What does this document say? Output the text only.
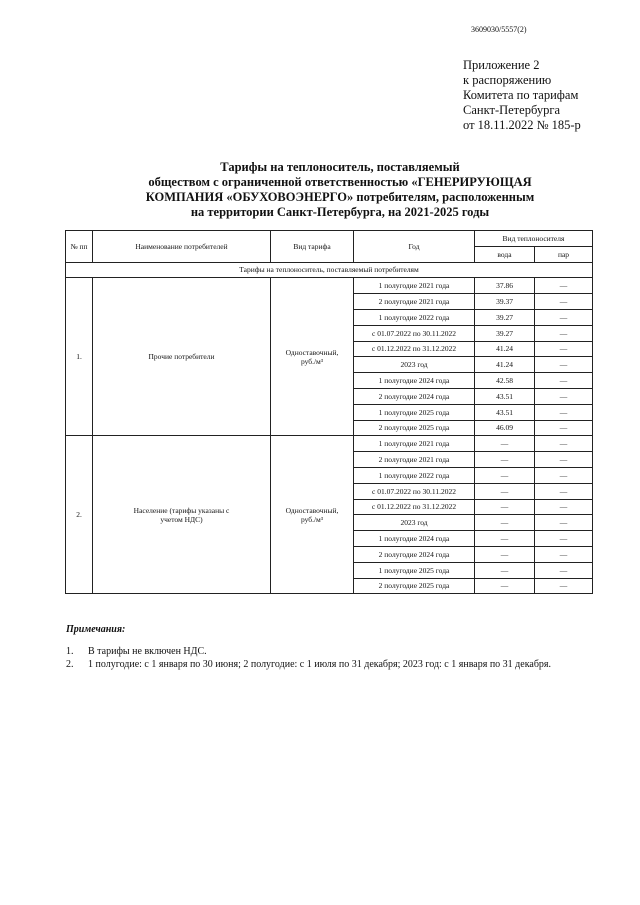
3609030/5557(2)
Приложение 2
к распоряжению
Комитета по тарифам
Санкт-Петербурга
от 18.11.2022 № 185-р
Тарифы на теплоноситель, поставляемый
обществом с ограниченной ответственностью «ГЕНЕРИРУЮЩАЯ
КОМПАНИЯ «ОБУХОВОЭНЕРГО» потребителям, расположенным
на территории Санкт-Петербурга, на 2021-2025 годы
№ пп	Наименование потребителей	Вид тарифа	Год	Вид теплоносителя	
				вода	пар
Тарифы на теплоноситель, поставляемый потребителям					
1.	Прочие потребители	Одноставочный, руб./м³	1 полугодие 2021 года	37.86	—
			2 полугодие 2021 года	39.37	—
			1 полугодие 2022 года	39.27	—
			с 01.07.2022 по 30.11.2022	39.27	—
			с 01.12.2022 по 31.12.2022	41.24	—
			2023 год	41.24	—
			1 полугодие 2024 года	42.58	—
			2 полугодие 2024 года	43.51	—
			1 полугодие 2025 года	43.51	—
			2 полугодие 2025 года	46.09	—
2.	Население (тарифы указаны с учетом НДС)	Одноставочный, руб./м³	1 полугодие 2021 года	—	—
			2 полугодие 2021 года	—	—
			1 полугодие 2022 года	—	—
			с 01.07.2022 по 30.11.2022	—	—
			с 01.12.2022 по 31.12.2022	—	—
			2023 год	—	—
			1 полугодие 2024 года	—	—
			2 полугодие 2024 года	—	—
			1 полугодие 2025 года	—	—
			2 полугодие 2025 года	—	—
Примечания:
1. В тарифы не включен НДС.
2. 1 полугодие: с 1 января по 30 июня; 2 полугодие: с 1 июля по 31 декабря; 2023 год: с 1 января по 31 декабря.
